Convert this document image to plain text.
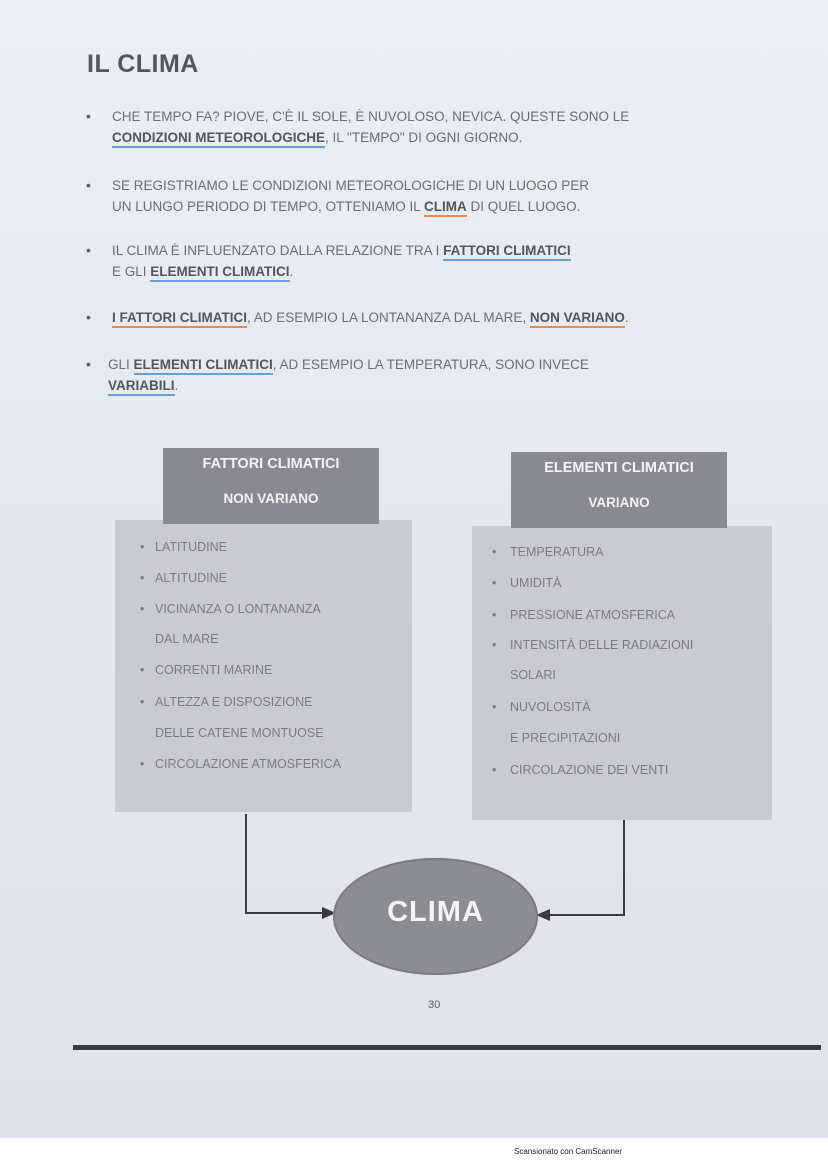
IL CLIMA
• CHE TEMPO FA? PIOVE, C'È IL SOLE, È NUVOLOSO, NEVICA. QUESTE SONO LE
CONDIZIONI METEOROLOGICHE, IL "TEMPO" DI OGNI GIORNO.
• SE REGISTRIAMO LE CONDIZIONI METEOROLOGICHE DI UN LUOGO PER
UN LUNGO PERIODO DI TEMPO, OTTENIAMO IL CLIMA DI QUEL LUOGO.
• IL CLIMA È INFLUENZATO DALLA RELAZIONE TRA I FATTORI CLIMATICI
E GLI ELEMENTI CLIMATICI.
• I FATTORI CLIMATICI, AD ESEMPIO LA LONTANANZA DAL MARE, NON VARIANO.
• GLI ELEMENTI CLIMATICI, AD ESEMPIO LA TEMPERATURA, SONO INVECE
VARIABILI.
FATTORI CLIMATICI
NON VARIANO
• LATITUDINE
• ALTITUDINE
• VICINANZA O LONTANANZA
DAL MARE
• CORRENTI MARINE
• ALTEZZA E DISPOSIZIONE
DELLE CATENE MONTUOSE
• CIRCOLAZIONE ATMOSFERICA
ELEMENTI CLIMATICI
VARIANO
• TEMPERATURA
• UMIDITÀ
• PRESSIONE ATMOSFERICA
• INTENSITÀ DELLE RADIAZIONI
SOLARI
• NUVOLOSITÀ
E PRECIPITAZIONI
• CIRCOLAZIONE DEI VENTI
CLIMA
30
Scansionato con CamScanner
